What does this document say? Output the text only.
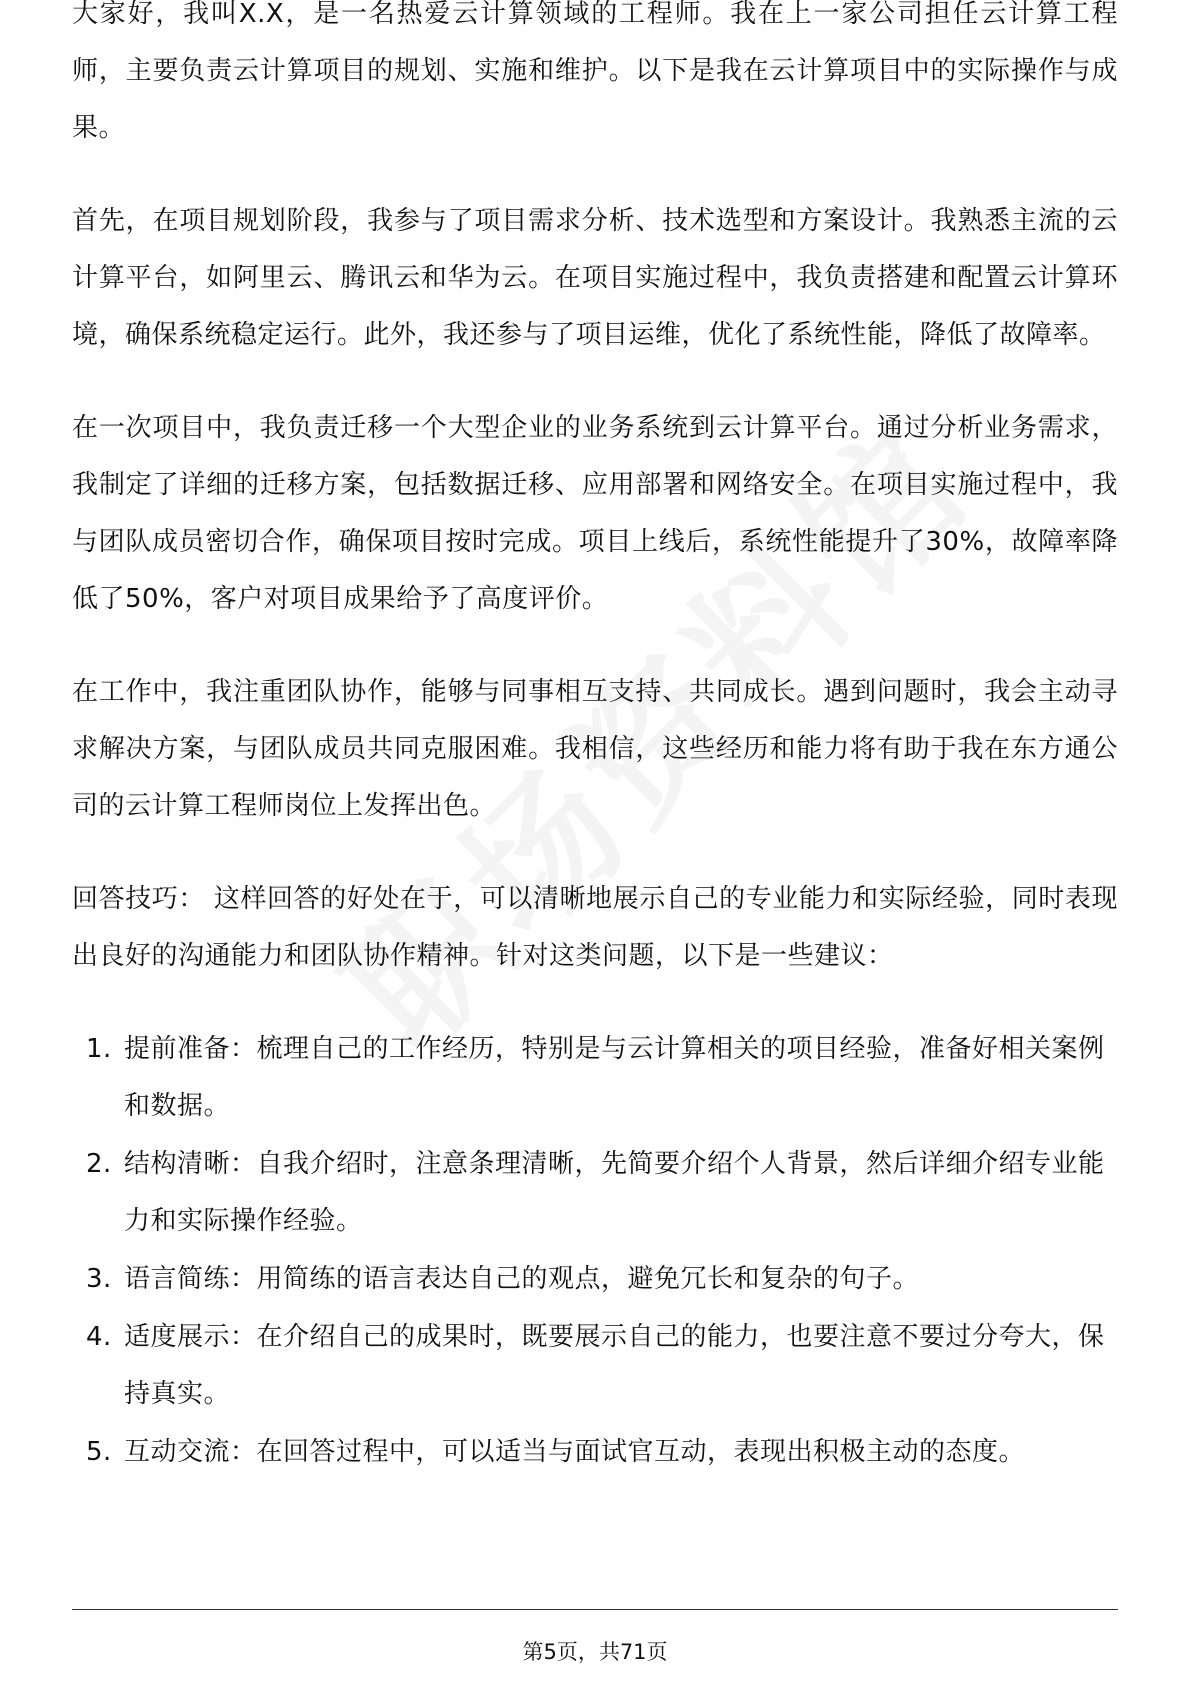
大家好，我叫X.X，是一名热爱云计算领域的工程师。我在上一家公司担任云计算工程师，主要负责云计算项目的规划、实施和维护。以下是我在云计算项目中的实际操作与成果。

首先，在项目规划阶段，我参与了项目需求分析、技术选型和方案设计。我熟悉主流的云计算平台，如阿里云、腾讯云和华为云。在项目实施过程中，我负责搭建和配置云计算环境，确保系统稳定运行。此外，我还参与了项目运维，优化了系统性能，降低了故障率。

在一次项目中，我负责迁移一个大型企业的业务系统到云计算平台。通过分析业务需求，我制定了详细的迁移方案，包括数据迁移、应用部署和网络安全。在项目实施过程中，我与团队成员密切合作，确保项目按时完成。项目上线后，系统性能提升了30%，故障率降低了50%，客户对项目成果给予了高度评价。

在工作中，我注重团队协作，能够与同事相互支持、共同成长。遇到问题时，我会主动寻求解决方案，与团队成员共同克服困难。我相信，这些经历和能力将有助于我在东方通公司的云计算工程师岗位上发挥出色。

回答技巧： 这样回答的好处在于，可以清晰地展示自己的专业能力和实际经验，同时表现出良好的沟通能力和团队协作精神。针对这类问题，以下是一些建议：

1. 提前准备：梳理自己的工作经历，特别是与云计算相关的项目经验，准备好相关案例和数据。
2. 结构清晰：自我介绍时，注意条理清晰，先简要介绍个人背景，然后详细介绍专业能力和实际操作经验。
3. 语言简练：用简练的语言表达自己的观点，避免冗长和复杂的句子。
4. 适度展示：在介绍自己的成果时，既要展示自己的能力，也要注意不要过分夸大，保持真实。
5. 互动交流：在回答过程中，可以适当与面试官互动，表现出积极主动的态度。
第5页，共71页
